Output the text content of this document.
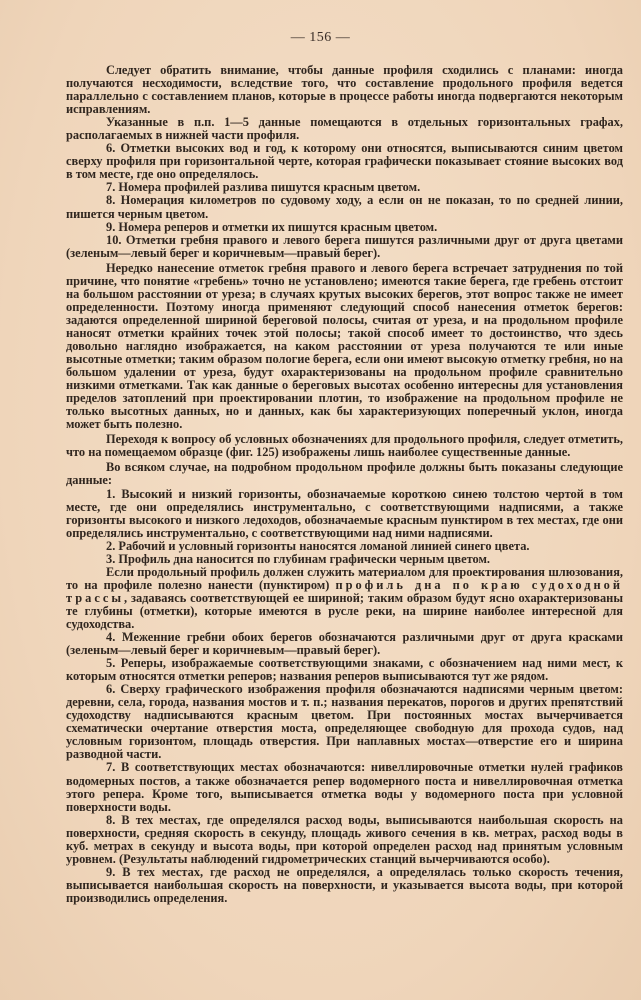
— 156 —

Следует обратить внимание, чтобы данные профиля сходились с планами: иногда получаются несходимости, вследствие того, что составление продольного профиля ведется параллельно с составлением планов, которые в процессе работы иногда подвергаются некоторым исправлениям.

Указанные в п.п. 1—5 данные помещаются в отдельных горизонтальных графах, располагаемых в нижней части профиля.

6. Отметки высоких вод и год, к которому они относятся, выписываются синим цветом сверху профиля при горизонтальной черте, которая графически показывает стояние высоких вод в том месте, где оно определялось.

7. Номера профилей разлива пишутся красным цветом.

8. Номерация километров по судовому ходу, а если он не показан, то по средней линии, пишется черным цветом.

9. Номера реперов и отметки их пишутся красным цветом.

10. Отметки гребня правого и левого берега пишутся различными друг от друга цветами (зеленым—левый берег и коричневым—правый берег).

Нередко нанесение отметок гребня правого и левого берега встречает затруднения по той причине, что понятие «гребень» точно не установлено; имеются такие берега, где гребень отстоит на большом расстоянии от уреза; в случаях крутых высоких берегов, этот вопрос также не имеет определенности. Поэтому иногда применяют следующий способ нанесения отметок берегов: задаются определенной шириной береговой полосы, считая от уреза, и на продольном профиле наносят отметки крайних точек этой полосы; такой способ имеет то достоинство, что здесь довольно наглядно изображается, на каком расстоянии от уреза получаются те или иные высотные отметки; таким образом пологие берега, если они имеют высокую отметку гребня, но на большом удалении от уреза, будут охарактеризованы на продольном профиле сравнительно низкими отметками. Так как данные о береговых высотах особенно интересны для установления пределов затоплений при проектировании плотин, то изображение на продольном профиле не только высотных данных, но и данных, как бы характеризующих поперечный уклон, иногда может быть полезно.

Переходя к вопросу об условных обозначениях для продольного профиля, следует отметить, что на помещаемом образце (фиг. 125) изображены лишь наиболее существенные данные.

Во всяком случае, на подробном продольном профиле должны быть показаны следующие данные:

1. Высокий и низкий горизонты, обозначаемые короткою синею толстою чертой в том месте, где они определялись инструментально, с соответствующими надписями, а также горизонты высокого и низкого ледоходов, обозначаемые красным пунктиром в тех местах, где они определялись инструментально, с соответствующими над ними надписями.

2. Рабочий и условный горизонты наносятся ломаной линией синего цвета.

3. Профиль дна наносится по глубинам графически черным цветом.

Если продольный профиль должен служить материалом для проектирования шлюзования, то на профиле полезно нанести (пунктиром) профиль дна по краю судоходной трассы, задаваясь соответствующей ее шириной; таким образом будут ясно охарактеризованы те глубины (отметки), которые имеются в русле реки, на ширине наиболее интересной для судоходства.

4. Меженние гребни обоих берегов обозначаются различными друг от друга красками (зеленым—левый берег и коричневым—правый берег).

5. Реперы, изображаемые соответствующими знаками, с обозначением над ними мест, к которым относятся отметки реперов; названия реперов выписываются тут же рядом.

6. Сверху графического изображения профиля обозначаются надписями черным цветом: деревни, села, города, названия мостов и т. п.; названия перекатов, порогов и других препятствий судоходству надписываются красным цветом. При постоянных мостах вычерчивается схематически очертание отверстия моста, определяющее свободную для прохода судов, над условным горизонтом, площадь отверстия. При наплавных мостах—отверстие его и ширина разводной части.

7. В соответствующих местах обозначаются: нивеллировочные отметки нулей графиков водомерных постов, а также обозначается репер водомерного поста и нивеллировочная отметка этого репера. Кроме того, выписывается отметка воды у водомерного поста при условной поверхности воды.

8. В тех местах, где определялся расход воды, выписываются наибольшая скорость на поверхности, средняя скорость в секунду, площадь живого сечения в кв. метрах, расход воды в куб. метрах в секунду и высота воды, при которой определен расход над принятым условным уровнем. (Результаты наблюдений гидрометрических станций вычерчиваются особо).

9. В тех местах, где расход не определялся, а определялась только скорость течения, выписывается наибольшая скорость на поверхности, и указывается высота воды, при которой производились определения.
